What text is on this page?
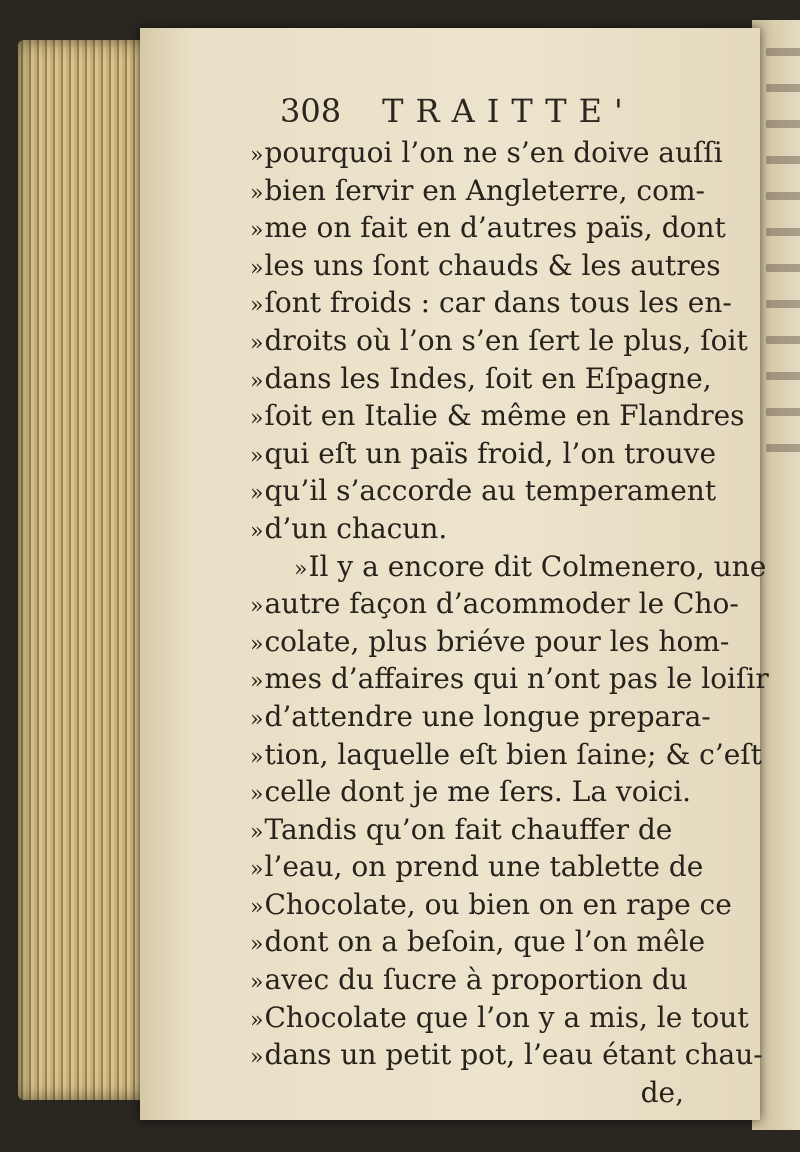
308 TRAITTE'
» pourquoi l’on ne s’en doive auſſi
» bien ſervir en Angleterre, com-
» me on fait en d’autres païs, dont
» les uns ſont chauds & les autres
» ſont froids : car dans tous les en-
» droits où l’on s’en ſert le plus, ſoit
» dans les Indes, ſoit en Eſpagne,
» ſoit en Italie & même en Flandres
» qui eſt un païs froid, l’on trouve
» qu’il s’accorde au temperament
» d’un chacun.
» Il y a encore dit Colmenero, une
» autre façon d’acommoder le Cho-
» colate, plus briéve pour les hom-
» mes d’affaires qui n’ont pas le loiſir
» d’attendre une longue prepara-
» tion, laquelle eſt bien ſaine; & c’eſt
» celle dont je me ſers. La voici.
» Tandis qu’on fait chauffer de
» l’eau, on prend une tablette de
» Chocolate, ou bien on en rape ce
» dont on a beſoin, que l’on mêle
» avec du ſucre à proportion du
» Chocolate que l’on y a mis, le tout
» dans un petit pot, l’eau étant chau-
de,
